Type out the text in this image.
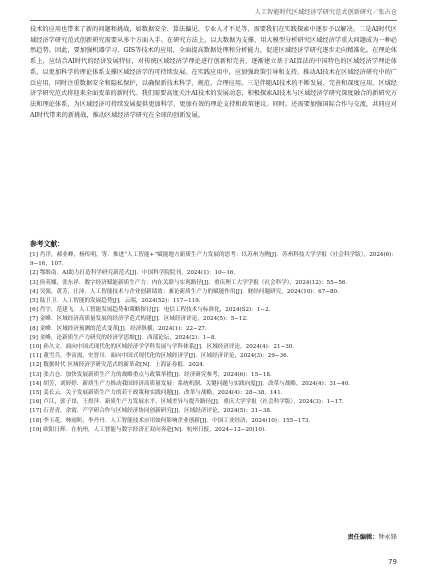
人工智能时代区域经济学研究范式创新研究／张占仓

技术的应用也带来了新的问题和挑战，如数据安全、算法偏见、专业人才不足等，需要我们在实践探索中逐步予以解决。二是AI时代区域经济学研究范式创新研究需要从多个方面入手。在研究方法上，以大数据为支撑，用大模型分析研究区域经济学重大问题成为一种必然趋势。因此，要加强机器学习、GIS等技术的应用，全面提高数据处理和分析能力，促进区域经济学研究逐步走向精准化。在理论体系上，应结合AI时代的经济发展特征，对传统区域经济学理论进行创新和完善，逐渐建立基于AI算法的中国特色的区域经济学理论体系，以更加科学的理论体系支撑区域经济学的可持续发展。在实践应用中，应加强政策引导和支持，推动AI技术在区域经济研究中的广泛应用，同时注重数据安全和隐私保护，以确保新技术科学、规范、合理应用。三是伴随AI技术的不断发展、完善和深度应用，区域经济学研究范式将迎来全面变革的新时代。我们需要高度关注AI技术的发展动态，积极探索AI技术与区域经济学研究深度融合的新研究方法和理论体系，为区域经济可持续发展提供更加科学、更加有效的理论支持和政策建议。同时，还需要加强国际合作与交流，共同应对AI时代带来的新挑战，推动区域经济学研究在全球的创新发展。

参考文献：
[1] 肖洋，郝业峰，杨传明，等．推进“人工智能+”赋能地方新质生产力发展的思考：以苏州为例[J]．苏州科技大学学报（社会科学版），2024(6)：9−16，107．
[2] 鄂维南．AI助力打造科学研究新范式[J]．中国科学院院刊，2024(1)：10−16．
[3] 侯英娜，张东祥．数字经济赋能新质生产力：内在关联与实现路径[J]．重庆理工大学学报（社会科学），2024(12)：55−56．
[4] 吴强，黄芳，汪沛．人工智能技术与企业创新绩效：兼论新质生产力的赋能作用[J]．财经问题研究，2024(10)：67−80．
[5] 陆卫卫．人工智能的发展趋势[J]．云端，2024(52)：117−119．
[6] 肖宇，范建飞．人工智能发展趋势和策略探讨[J]．电信工程技术与标准化，2024(S2)：1−2．
[7] 金峰．区域经济高质量发展的经济学范式构建[J]．区域经济评论，2024(5)：5−12．
[8] 金峰．区域经济预测的范式变革[J]．经济纵横，2024(1)：22−27．
[9] 金峰，论新质生产力研究的经济学思维[J]．西部论坛，2024(2)：1−8．
[10] 孙久文．面向中国式现代化的区域经济学学科发展与学科体系[J]．区域经济评论，2024(4)：21−30．
[11] 董雪兵，李寅霞，史晋川．面向中国式现代化的区域经济学[J]．区域经济评论，2024(3)：29−36．
[12] 数据时代 区域经济学研究范式的新革命[N]．上海证券报．2024．
[13] 张占仓．加快发展新质生产力的战略重点与政策举措[J]．经济研究参考，2024(6)：15−18．
[14] 胡芳，刘婷婷．新质生产力推动我国经济高质量发展：系统机制、关键问题与实践向度[J]．改革与战略，2024(4)：31−40．
[15] 姜长云．关于发展新质生产力的若干政策和实践问题[J]．改革与战略，2024(4)：28−38，141．
[16] 卢江，郭子昂，王煜萍．新质生产力发展水平、区域差异与提升路径[J]．重庆大学学报（社会科学版），2024(3)：1−17．
[17] 石青青，余霞．产学研合作与区域经济协同创新研究[J]．区域经济评论，2024(5)：31−38．
[18] 李玉花，林雨昕，李丹丹．人工智能技术应用如何影响企业创新[J]．中国工业经济，2024(10)：155−173．
[19] 欧阳日辉．在杭州，人工智能与数字经济正双向奔赴[N]．杭州日报，2024−12−20(10)．
责任编辑：钟永锋
79
